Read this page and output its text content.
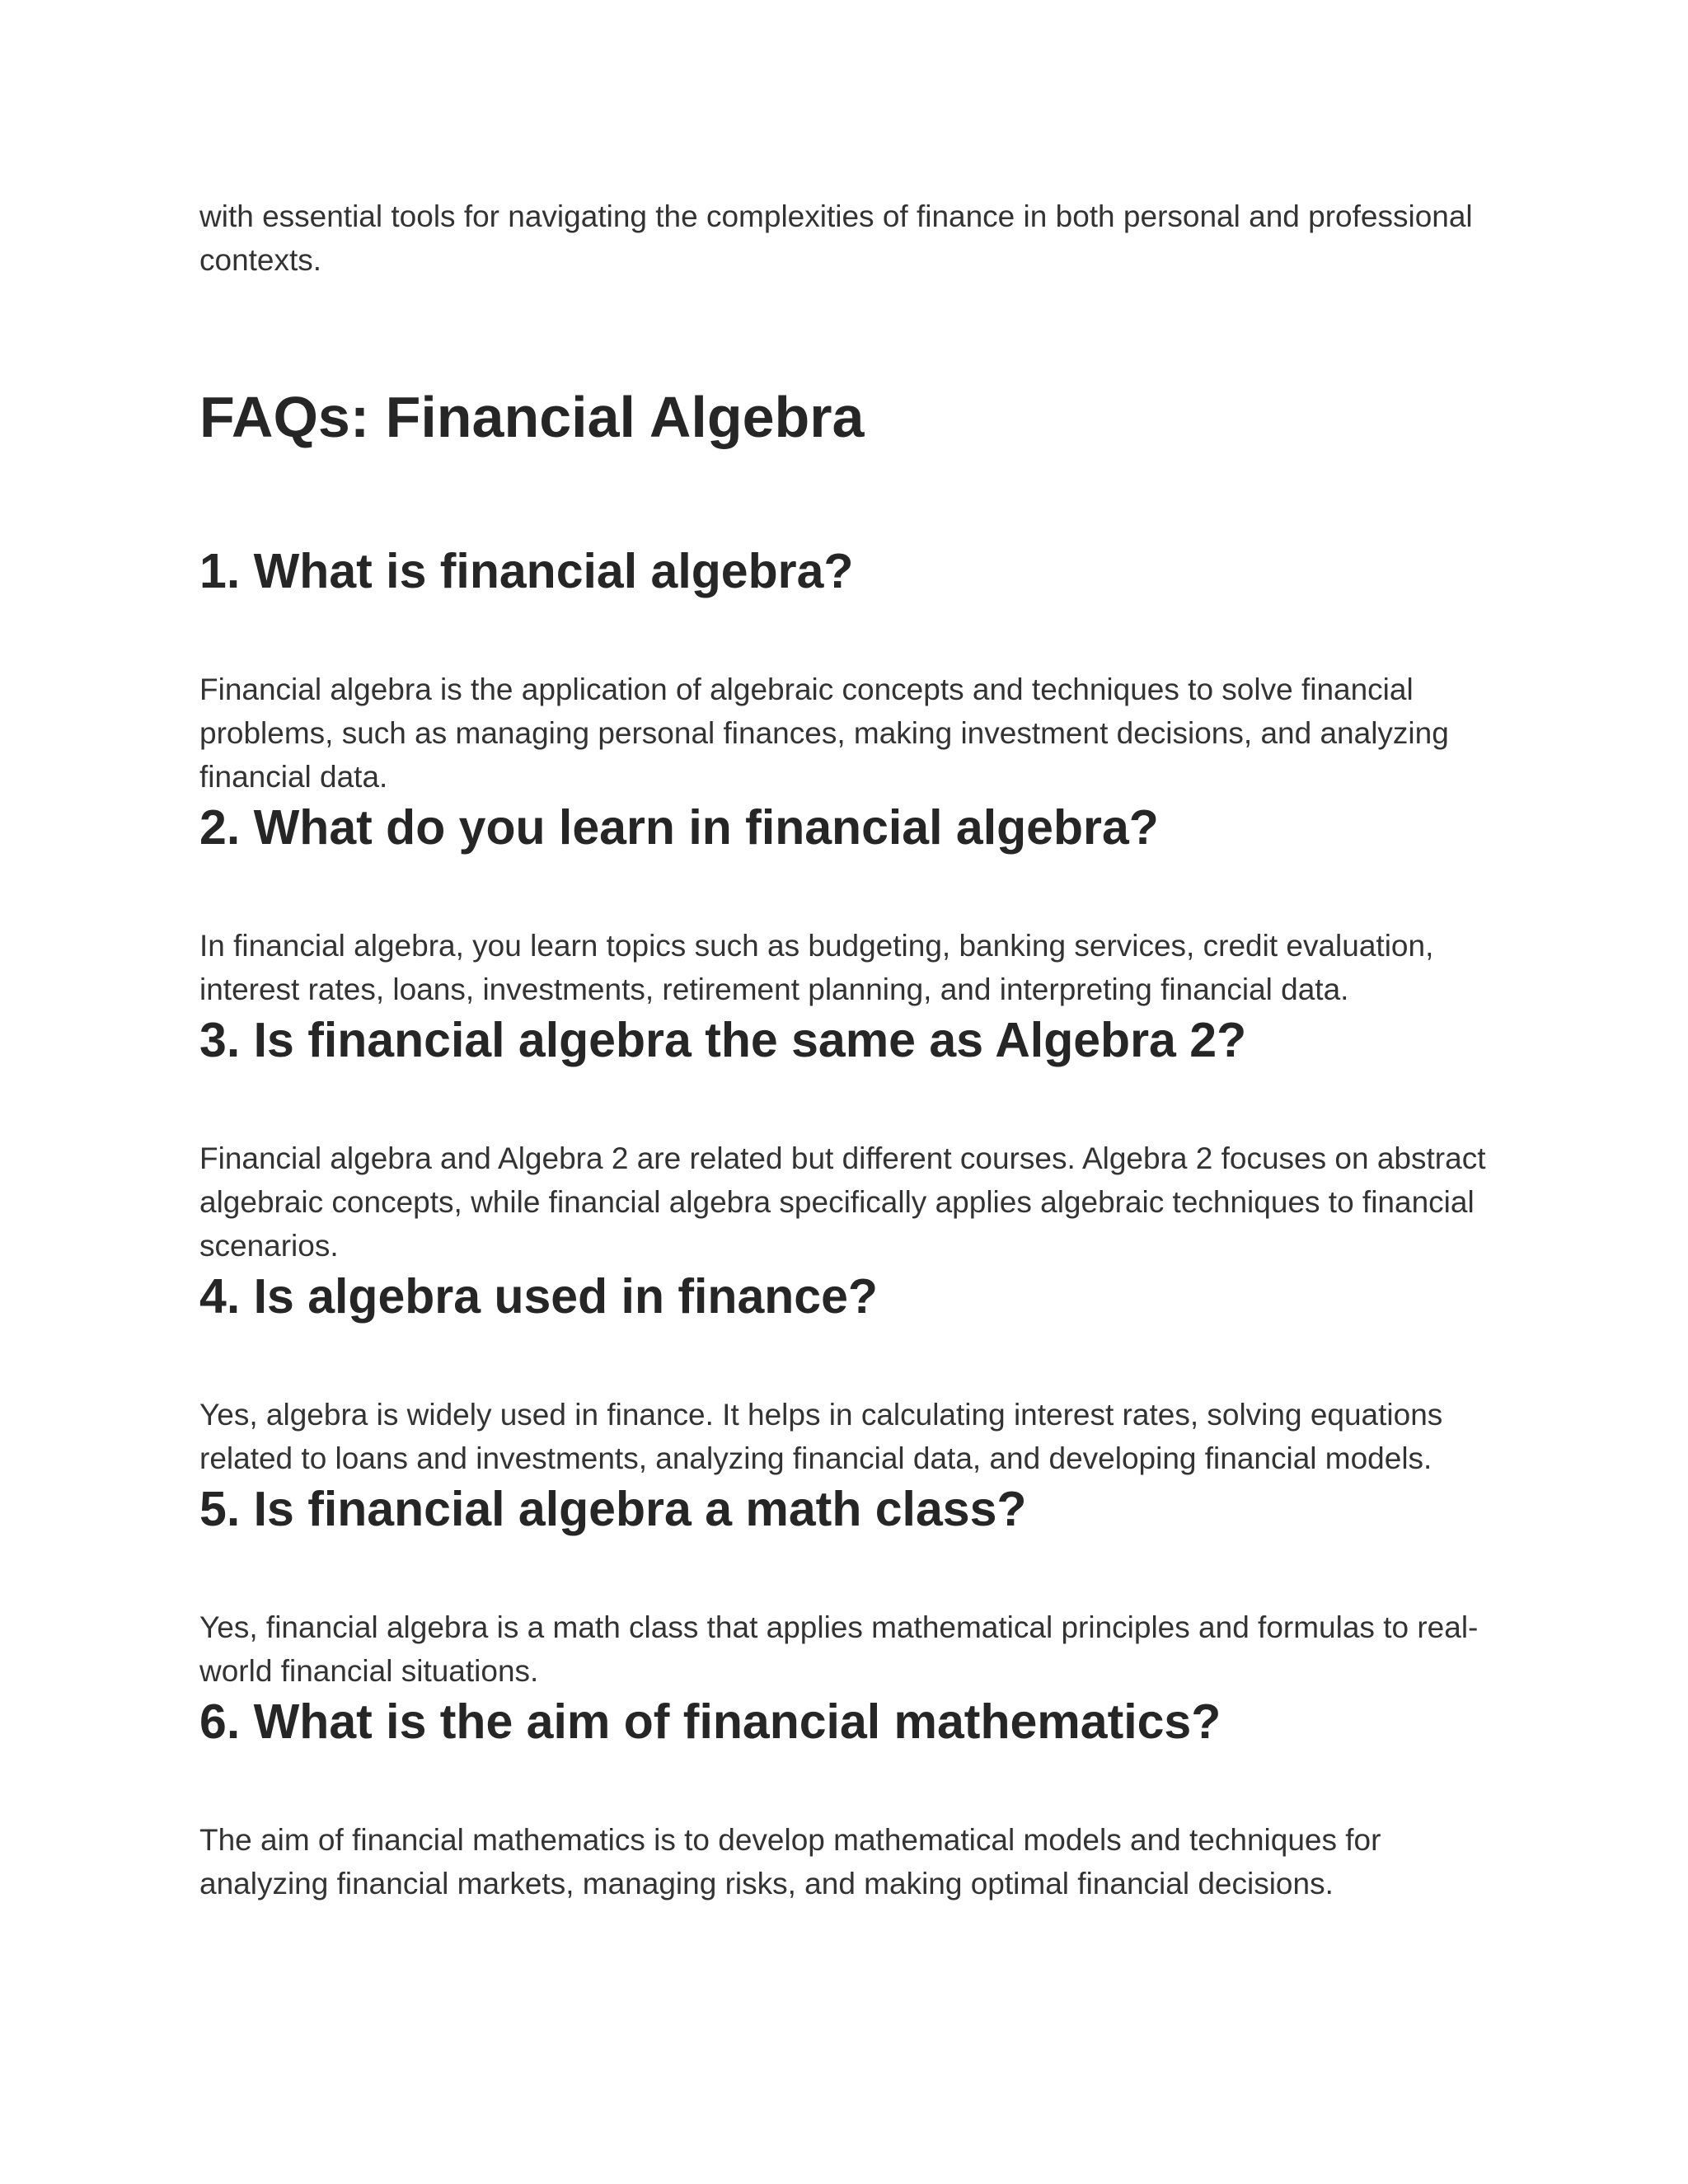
with essential tools for navigating the complexities of finance in both personal and professional contexts.

FAQs: Financial Algebra
1. What is financial algebra?

Financial algebra is the application of algebraic concepts and techniques to solve financial problems, such as managing personal finances, making investment decisions, and analyzing financial data.

2. What do you learn in financial algebra?

In financial algebra, you learn topics such as budgeting, banking services, credit evaluation, interest rates, loans, investments, retirement planning, and interpreting financial data.

3. Is financial algebra the same as Algebra 2?

Financial algebra and Algebra 2 are related but different courses. Algebra 2 focuses on abstract algebraic concepts, while financial algebra specifically applies algebraic techniques to financial scenarios.

4. Is algebra used in finance?

Yes, algebra is widely used in finance. It helps in calculating interest rates, solving equations related to loans and investments, analyzing financial data, and developing financial models.

5. Is financial algebra a math class?

Yes, financial algebra is a math class that applies mathematical principles and formulas to real-world financial situations.

6. What is the aim of financial mathematics?

The aim of financial mathematics is to develop mathematical models and techniques for analyzing financial markets, managing risks, and making optimal financial decisions.
